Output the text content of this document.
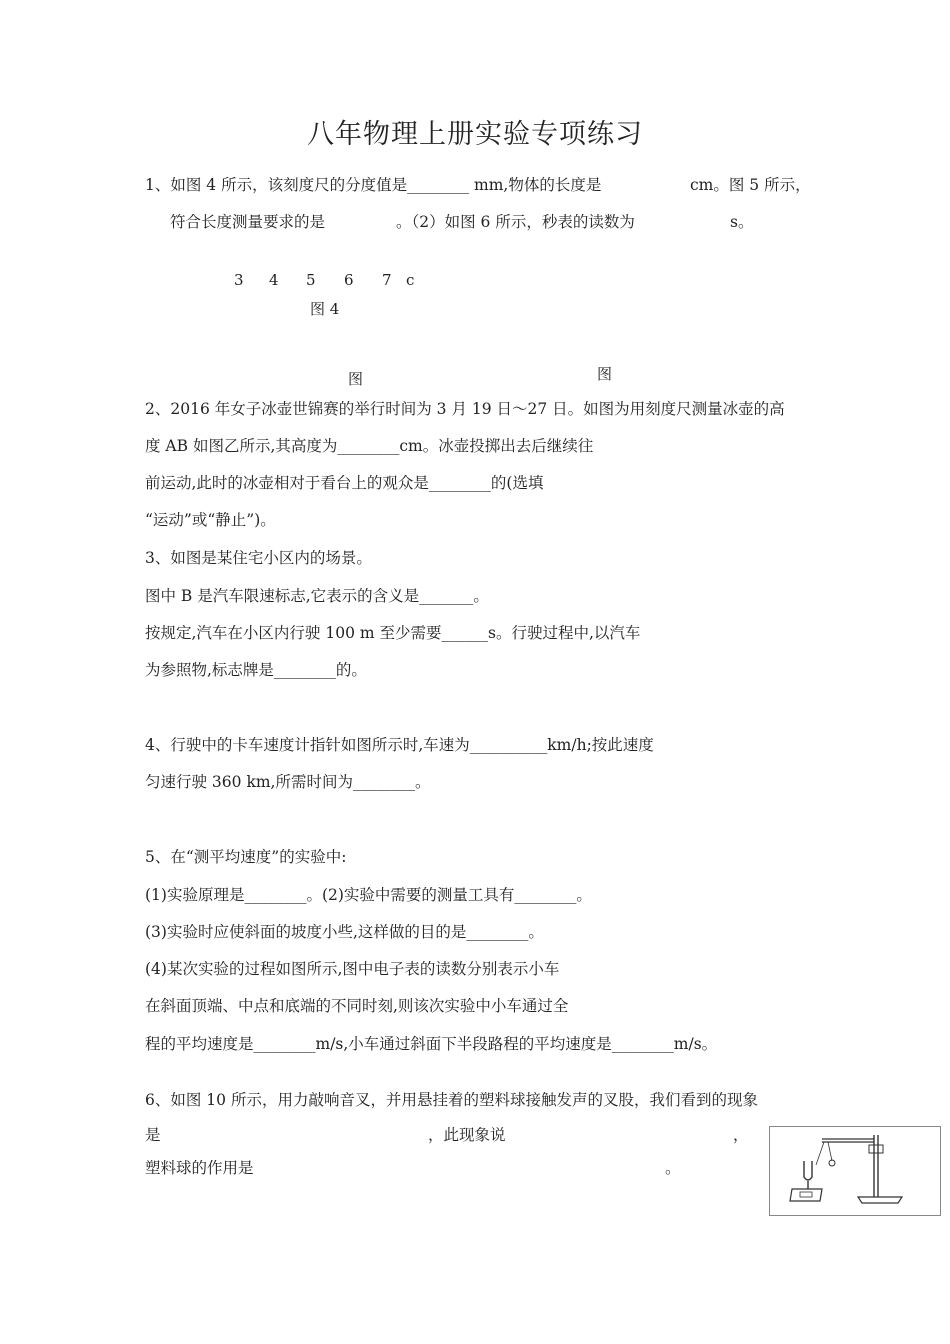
八年物理上册实验专项练习
1、如图 4 所示，该刻度尺的分度值是________ mm,物体的长度是	cm。图 5 所示，
符合长度测量要求的是	。（2）如图 6 所示，秒表的读数为	s。
3 4 5 6 7 c
图 4
图	图
2、2016 年女子冰壶世锦赛的举行时间为 3 月 19 日～27 日。如图为用刻度尺测量冰壶的高
度 AB 如图乙所示,其高度为________cm。冰壶投掷出去后继续往
前运动,此时的冰壶相对于看台上的观众是________的(选填
“运动”或“静止”)。
3、如图是某住宅小区内的场景。
图中 B 是汽车限速标志,它表示的含义是_______。
按规定,汽车在小区内行驶 100 m 至少需要______s。行驶过程中,以汽车
为参照物,标志牌是________的。
4、行驶中的卡车速度计指针如图所示时,车速为__________km/h;按此速度
匀速行驶 360 km,所需时间为________。
5、在“测平均速度”的实验中:
(1)实验原理是________。(2)实验中需要的测量工具有________。
(3)实验时应使斜面的坡度小些,这样做的目的是________。
(4)某次实验的过程如图所示,图中电子表的读数分别表示小车
在斜面顶端、中点和底端的不同时刻,则该次实验中小车通过全
程的平均速度是________m/s,小车通过斜面下半段路程的平均速度是________m/s。
6、如图 10 所示，用力敲响音叉，并用悬挂着的塑料球接触发声的叉股，我们看到的现象
是	，此现象说	，
塑料球的作用是	。
